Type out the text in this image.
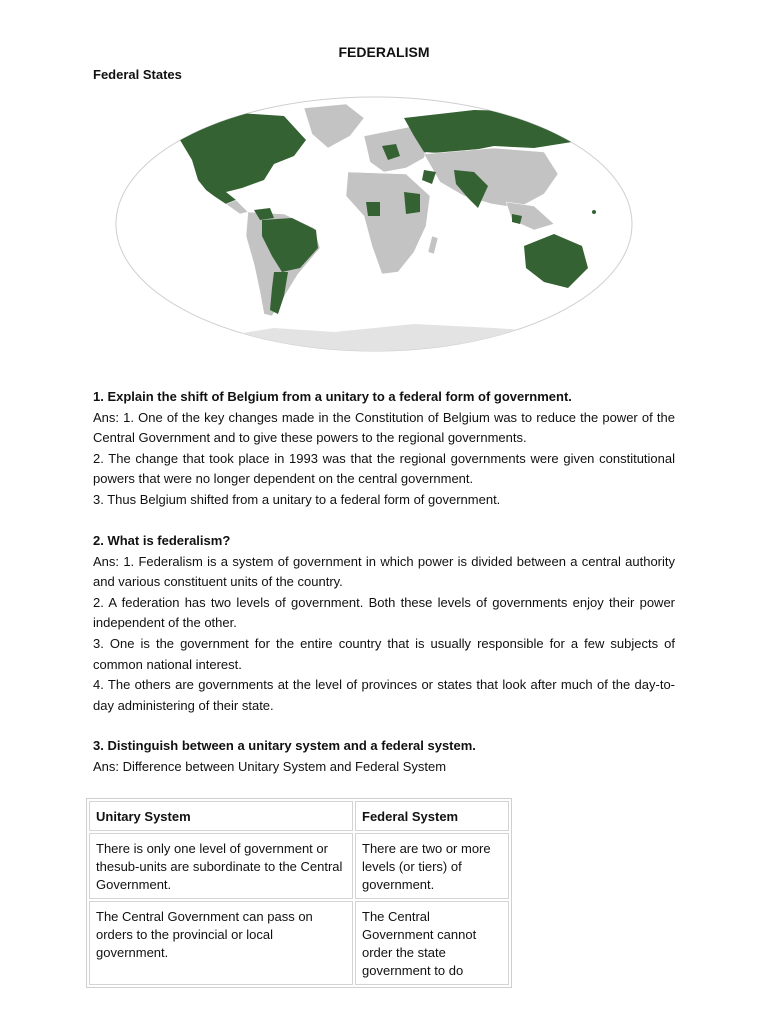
FEDERALISM
Federal States

1. Explain the shift of Belgium from a unitary to a federal form of government.

Ans: 1. One of the key changes made in the Constitution of Belgium was to reduce the power of the Central Government and to give these powers to the regional governments.

2. The change that took place in 1993 was that the regional governments were given constitutional powers that were no longer dependent on the central government.

3. Thus Belgium shifted from a unitary to a federal form of government.

2. What is federalism?

Ans: 1. Federalism is a system of government in which power is divided between a central authority and various constituent units of the country.

2. A federation has two levels of government. Both these levels of governments enjoy their power independent of the other.

3. One is the government for the entire country that is usually responsible for a few subjects of common national interest.

4. The others are governments at the level of provinces or states that look after much of the day-to-day administering of their state.

3. Distinguish between a unitary system and a federal system.

Ans: Difference between Unitary System and Federal System

Unitary System	Federal System
There is only one level of government or thesub-units are subordinate to the Central Government.	There are two or more levels (or tiers) of government.
The Central Government can pass on orders to the provincial or local government.	The Central Government cannot order the state government to do
